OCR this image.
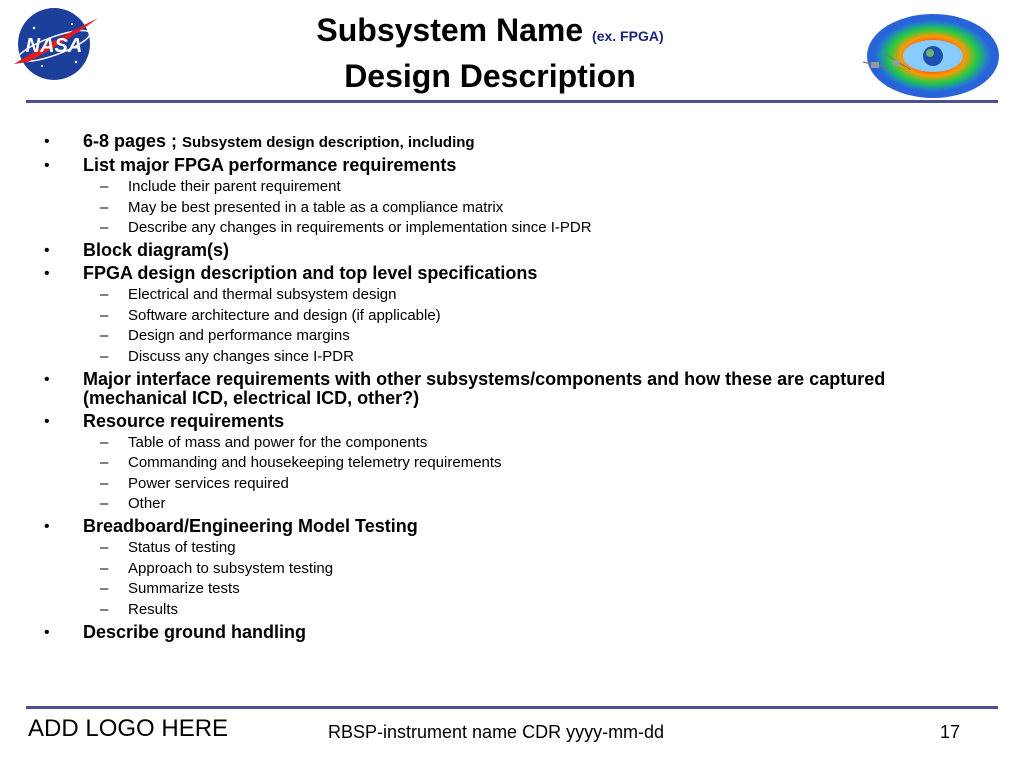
NASA	Subsystem Name (ex. FPGA)
Design Description
• 6-8 pages ; Subsystem design description, including
• List major FPGA performance requirements
– Include their parent requirement
– May be best presented in a table as a compliance matrix
– Describe any changes in requirements or implementation since I-PDR
• Block diagram(s)
• FPGA design description and top level specifications
– Electrical and thermal subsystem design
– Software architecture and design (if applicable)
– Design and performance margins
– Discuss any changes since I-PDR
• Major interface requirements with other subsystems/components and how these are captured (mechanical ICD, electrical ICD, other?)
• Resource requirements
– Table of mass and power for the components
– Commanding and housekeeping telemetry requirements
– Power services required
– Other
• Breadboard/Engineering Model Testing
– Status of testing
– Approach to subsystem testing
– Summarize tests
– Results
• Describe ground handling
ADD LOGO HERE	RBSP-instrument name CDR yyyy-mm-dd	17
